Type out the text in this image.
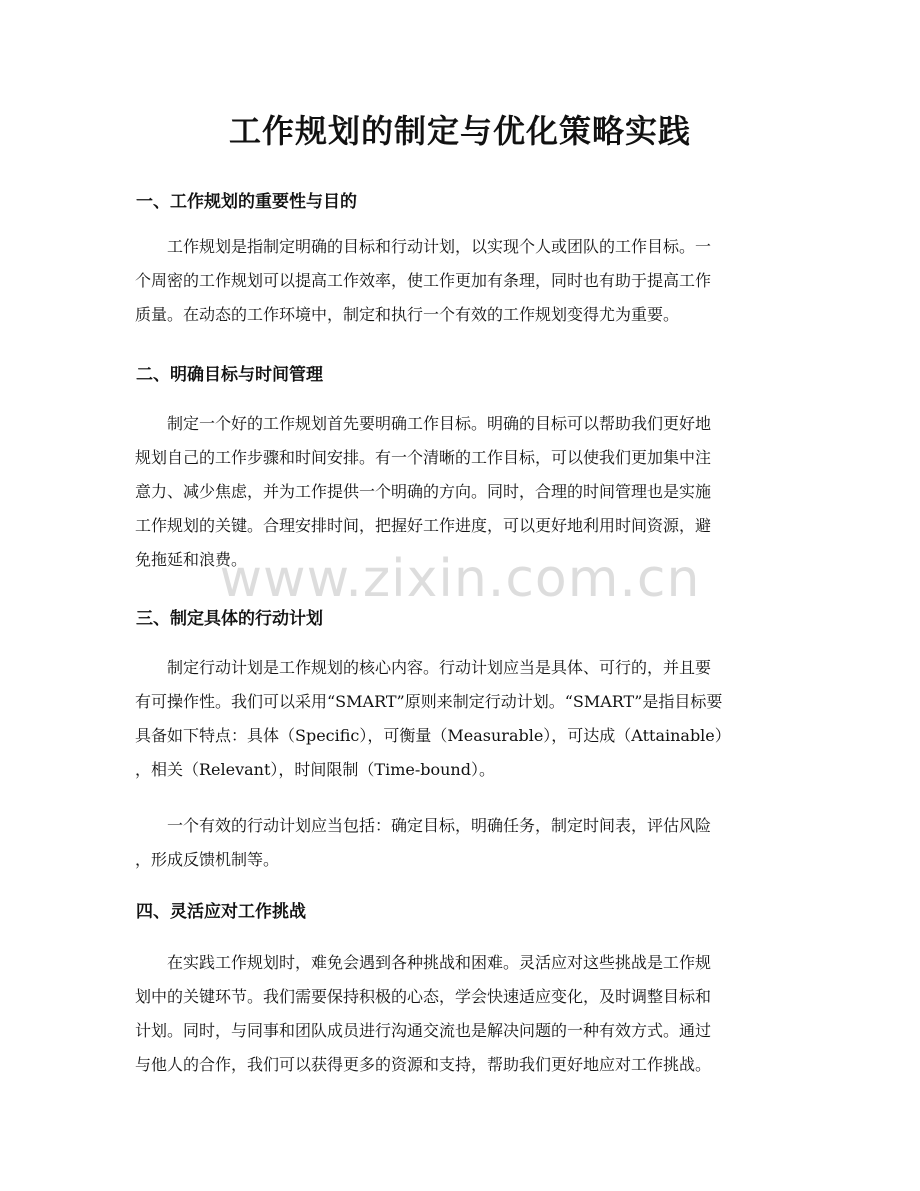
工作规划的制定与优化策略实践
一、工作规划的重要性与目的

　　工作规划是指制定明确的目标和行动计划，以实现个人或团队的工作目标。一
个周密的工作规划可以提高工作效率，使工作更加有条理，同时也有助于提高工作
质量。在动态的工作环境中，制定和执行一个有效的工作规划变得尤为重要。

二、明确目标与时间管理

　　制定一个好的工作规划首先要明确工作目标。明确的目标可以帮助我们更好地
规划自己的工作步骤和时间安排。有一个清晰的工作目标，可以使我们更加集中注
意力、减少焦虑，并为工作提供一个明确的方向。同时，合理的时间管理也是实施
工作规划的关键。合理安排时间，把握好工作进度，可以更好地利用时间资源，避
免拖延和浪费。

三、制定具体的行动计划

　　制定行动计划是工作规划的核心内容。行动计划应当是具体、可行的，并且要
有可操作性。我们可以采用“SMART”原则来制定行动计划。“SMART”是指目标要
具备如下特点：具体（Specific），可衡量（Measurable），可达成（Attainable）
，相关（Relevant），时间限制（Time-bound）。

　　一个有效的行动计划应当包括：确定目标，明确任务，制定时间表，评估风险
，形成反馈机制等。

四、灵活应对工作挑战

　　在实践工作规划时，难免会遇到各种挑战和困难。灵活应对这些挑战是工作规
划中的关键环节。我们需要保持积极的心态，学会快速适应变化，及时调整目标和
计划。同时，与同事和团队成员进行沟通交流也是解决问题的一种有效方式。通过
与他人的合作，我们可以获得更多的资源和支持，帮助我们更好地应对工作挑战。

www.zixin.com.cn
